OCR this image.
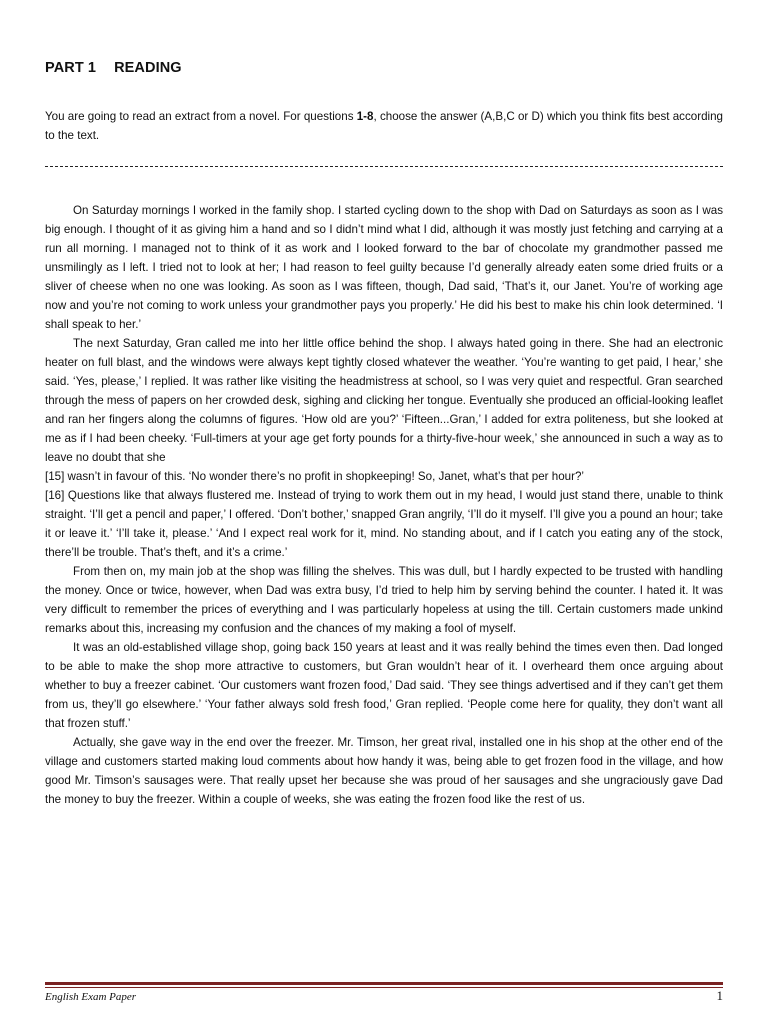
PART 1 READING
You are going to read an extract from a novel. For questions 1-8, choose the answer (A,B,C or D) which you think fits best according to the text.

On Saturday mornings I worked in the family shop. I started cycling down to the shop with Dad on Saturdays as soon as I was big enough. I thought of it as giving him a hand and so I didn’t mind what I did, although it was mostly just fetching and carrying at a run all morning. I managed not to think of it as work and I looked forward to the bar of chocolate my grandmother passed me unsmilingly as I left. I tried not to look at her; I had reason to feel guilty because I’d generally already eaten some dried fruits or a sliver of cheese when no one was looking. As soon as I was fifteen, though, Dad said, ‘That’s it, our Janet. You’re of working age now and you’re not coming to work unless your grandmother pays you properly.’ He did his best to make his chin look determined. ‘I shall speak to her.’

The next Saturday, Gran called me into her little office behind the shop. I always hated going in there. She had an electronic heater on full blast, and the windows were always kept tightly closed whatever the weather. ‘You’re wanting to get paid, I hear,’ she said. ‘Yes, please,’ I replied. It was rather like visiting the headmistress at school, so I was very quiet and respectful. Gran searched through the mess of papers on her crowded desk, sighing and clicking her tongue. Eventually she produced an official-looking leaflet and ran her fingers along the columns of figures. ‘How old are you?’ ‘Fifteen...Gran,’ I added for extra politeness, but she looked at me as if I had been cheeky. ‘Full-timers at your age get forty pounds for a thirty-five-hour week,’ she announced in such a way as to leave no doubt that she

[15] wasn’t in favour of this. ‘No wonder there’s no profit in shopkeeping! So, Janet, what’s that per hour?’

[16] Questions like that always flustered me. Instead of trying to work them out in my head, I would just stand there, unable to think straight. ‘I’ll get a pencil and paper,’ I offered. ‘Don’t bother,’ snapped Gran angrily, ‘I’ll do it myself. I’ll give you a pound an hour; take it or leave it.’ ‘I’ll take it, please.’ ‘And I expect real work for it, mind. No standing about, and if I catch you eating any of the stock, there’ll be trouble. That’s theft, and it’s a crime.’

From then on, my main job at the shop was filling the shelves. This was dull, but I hardly expected to be trusted with handling the money. Once or twice, however, when Dad was extra busy, I’d tried to help him by serving behind the counter. I hated it. It was very difficult to remember the prices of everything and I was particularly hopeless at using the till. Certain customers made unkind remarks about this, increasing my confusion and the chances of my making a fool of myself.

It was an old-established village shop, going back 150 years at least and it was really behind the times even then. Dad longed to be able to make the shop more attractive to customers, but Gran wouldn’t hear of it. I overheard them once arguing about whether to buy a freezer cabinet. ‘Our customers want frozen food,’ Dad said. ‘They see things advertised and if they can’t get them from us, they’ll go elsewhere.’ ‘Your father always sold fresh food,’ Gran replied. ‘People come here for quality, they don’t want all that frozen stuff.’

Actually, she gave way in the end over the freezer. Mr. Timson, her great rival, installed one in his shop at the other end of the village and customers started making loud comments about how handy it was, being able to get frozen food in the village, and how good Mr. Timson’s sausages were. That really upset her because she was proud of her sausages and she ungraciously gave Dad the money to buy the freezer. Within a couple of weeks, she was eating the frozen food like the rest of us.

English Exam Paper	1
